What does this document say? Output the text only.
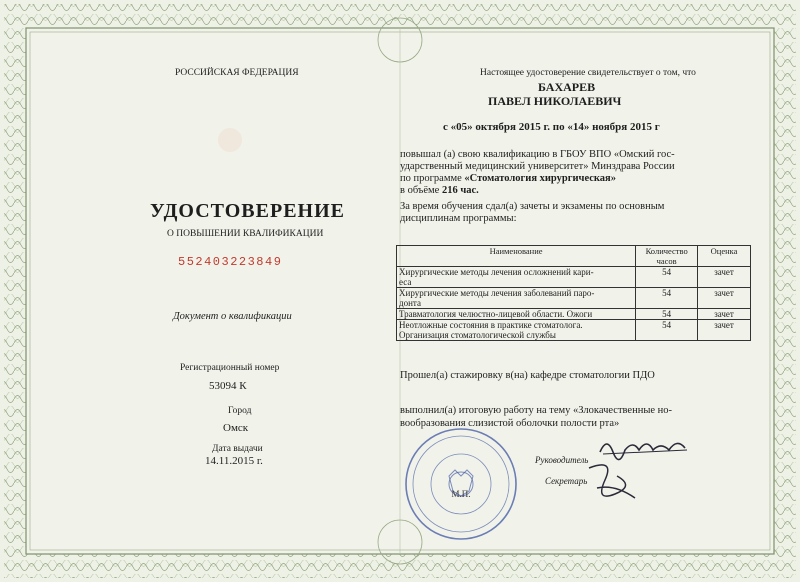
РОССИЙСКАЯ ФЕДЕРАЦИЯ
УДОСТОВЕРЕНИЕ
О ПОВЫШЕНИИ КВАЛИФИКАЦИИ
552403223849
Документ о квалификации
Регистрационный номер
53094 К
Город
Омск
Дата выдачи
14.11.2015 г.
Настоящее удостоверение свидетельствует о том, что
БАХАРЕВ
ПАВЕЛ НИКОЛАЕВИЧ
с «05» октября 2015 г. по «14» ноября 2015 г
повышал (а) свою квалификацию в ГБОУ ВПО «Омский гос-
ударственный медицинский университет» Минздрава России
по программе «Стоматология хирургическая»
в объёме 216 час.
За время обучения сдал(а) зачеты и экзамены по основным
дисциплинам программы:
Наименование	Количество часов	Оценка

Хирургические методы лечения осложнений кари-
еса	54	зачет

Хирургические методы лечения заболеваний паро-
донта	54	зачет

Травматология челюстно-лицевой области. Ожоги	54	зачет

Неотложные состояния в практике стоматолога.
Организация стоматологической службы	54	зачет
Прошел(а) стажировку в(на) кафедре стоматологии ПДО
выполнил(а) итоговую работу на тему «Злокачественные но-
вообразования слизистой оболочки полости рта»
Руководитель
Секретарь
М.П.
